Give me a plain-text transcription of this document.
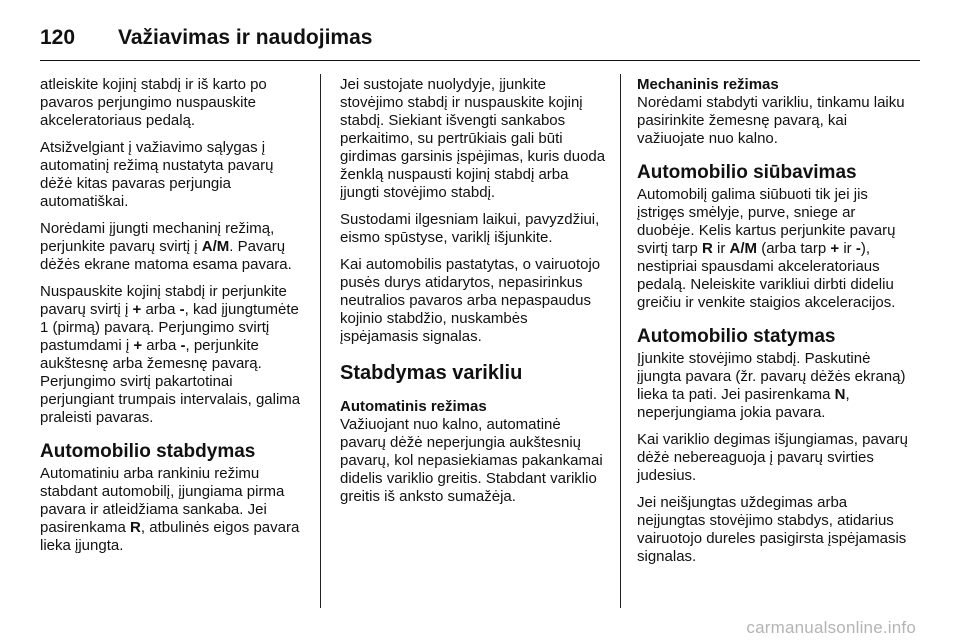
120	Važiavimas ir naudojimas

atleiskite kojinį stabdį ir iš karto po pavaros perjungimo nuspauskite akceleratoriaus pedalą.

Atsižvelgiant į važiavimo sąlygas į automatinį režimą nustatyta pavarų dėžė kitas pavaras perjungia automatiškai.

Norėdami įjungti mechaninį režimą, perjunkite pavarų svirtį į A/M. Pavarų dėžės ekrane matoma esama pavara.

Nuspauskite kojinį stabdį ir perjunkite pavarų svirtį į + arba -, kad įjungtumėte 1 (pirmą) pavarą. Perjungimo svirtį pastumdami į + arba -, perjunkite aukštesnę arba žemesnę pavarą. Perjungimo svirtį pakartotinai perjungiant trumpais intervalais, galima praleisti pavaras.

Automobilio stabdymas

Automatiniu arba rankiniu režimu stabdant automobilį, įjungiama pirma pavara ir atleidžiama sankaba. Jei pasirenkama R, atbulinės eigos pavara lieka įjungta.

Jei sustojate nuolydyje, įjunkite stovėjimo stabdį ir nuspauskite kojinį stabdį. Siekiant išvengti sankabos perkaitimo, su pertrūkiais gali būti girdimas garsinis įspėjimas, kuris duoda ženklą nuspausti kojinį stabdį arba įjungti stovėjimo stabdį.

Sustodami ilgesniam laikui, pavyzdžiui, eismo spūstyse, variklį išjunkite.

Kai automobilis pastatytas, o vairuotojo pusės durys atidarytos, nepasirinkus neutralios pavaros arba nepaspaudus kojinio stabdžio, nuskambės įspėjamasis signalas.

Stabdymas varikliu
Automatinis režimas

Važiuojant nuo kalno, automatinė pavarų dėžė neperjungia aukštesnių pavarų, kol nepasiekiamas pakankamai didelis variklio greitis. Stabdant variklio greitis iš anksto sumažėja.

Mechaninis režimas

Norėdami stabdyti varikliu, tinkamu laiku pasirinkite žemesnę pavarą, kai važiuojate nuo kalno.

Automobilio siūbavimas

Automobilį galima siūbuoti tik jei jis įstrigęs smėlyje, purve, sniege ar duobėje. Kelis kartus perjunkite pavarų svirtį tarp R ir A/M (arba tarp + ir -), nestipriai spausdami akceleratoriaus pedalą. Neleiskite varikliui dirbti dideliu greičiu ir venkite staigios akceleracijos.

Automobilio statymas

Įjunkite stovėjimo stabdį. Paskutinė įjungta pavara (žr. pavarų dėžės ekraną) lieka ta pati. Jei pasirenkama N, neperjungiama jokia pavara.

Kai variklio degimas išjungiamas, pavarų dėžė nebereaguoja į pavarų svirties judesius.

Jei neišjungtas uždegimas arba neįjungtas stovėjimo stabdys, atidarius vairuotojo dureles pasigirsta įspėjamasis signalas.

carmanualsonline.info
